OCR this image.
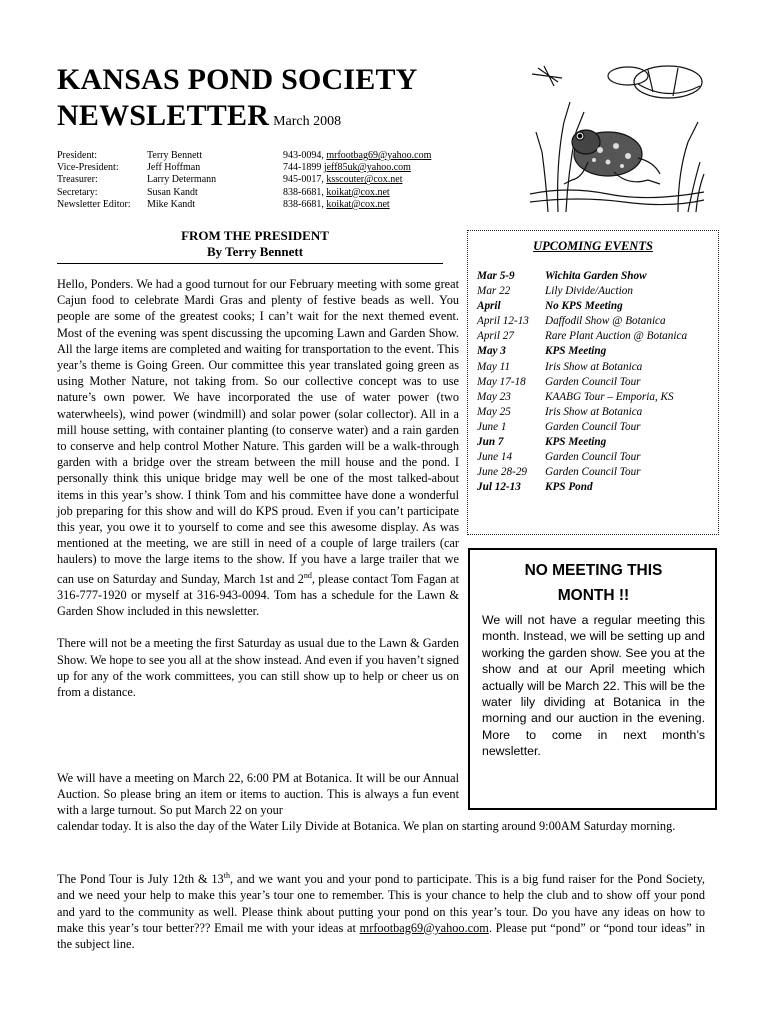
KANSAS POND SOCIETY
NEWSLETTER March 2008
President:	Terry Bennett	943-0094, mrfootbag69@yahoo.com
Vice-President:	Jeff Hoffman	744-1899 jeff85uk@yahoo.com
Treasurer:	Larry Determann	945-0017, ksscouter@cox.net
Secretary:	Susan Kandt	838-6681, koikat@cox.net
Newsletter Editor: Mike Kandt	838-6681, koikat@cox.net
FROM THE PRESIDENT
By Terry Bennett

Hello, Ponders. We had a good turnout for our February meeting with some great Cajun food to celebrate Mardi Gras and plenty of festive beads as well. You people are some of the greatest cooks; I can’t wait for the next themed event. Most of the evening was spent discussing the upcoming Lawn and Garden Show. All the large items are completed and waiting for transportation to the event. This year’s theme is Going Green. Our committee this year translated going green as using Mother Nature, not taking from. So our collective concept was to use nature’s own power. We have incorporated the use of water power (two waterwheels), wind power (windmill) and solar power (solar collector). All in a mill house setting, with container planting (to conserve water) and a rain garden to conserve and help control Mother Nature. This garden will be a walk-through garden with a bridge over the stream between the mill house and the pond. I personally think this unique bridge may well be one of the most talked-about items in this year’s show. I think Tom and his committee have done a wonderful job preparing for this show and will do KPS proud. Even if you can’t participate this year, you owe it to yourself to come and see this awesome display. As was mentioned at the meeting, we are still in need of a couple of large trailers (car haulers) to move the large items to the show. If you have a large trailer that we can use on Saturday and Sunday, March 1st and 2nd, please contact Tom Fagan at 316-777-1920 or myself at 316-943-0094. Tom has a schedule for the Lawn & Garden Show included in this newsletter.

There will not be a meeting the first Saturday as usual due to the Lawn & Garden Show. We hope to see you all at the show instead. And even if you haven’t signed up for any of the work committees, you can still show up to help or cheer us on from a distance.

We will have a meeting on March 22, 6:00 PM at Botanica. It will be our Annual Auction. So please bring an item or items to auction. This is always a fun event with a large turnout. So put March 22 on your
calendar today. It is also the day of the Water Lily Divide at Botanica. We plan on starting around 9:00AM Saturday morning.
The Pond Tour is July 12th & 13th, and we want you and your pond to participate. This is a big fund raiser for the Pond Society, and we need your help to make this year’s tour one to remember. This is your chance to help the club and to show off your pond and yard to the community as well. Please think about putting your pond on this year’s tour. Do you have any ideas on how to make this year’s tour better??? Email me with your ideas at mrfootbag69@yahoo.com. Please put “pond” or “pond tour ideas” in the subject line.
UPCOMING EVENTS
Mar 5-9	Wichita Garden Show
Mar 22	Lily Divide/Auction
April	No KPS Meeting
April 12-13	Daffodil Show @ Botanica
April 27	Rare Plant Auction @ Botanica
May 3	KPS Meeting
May 11	Iris Show at Botanica
May 17-18	Garden Council Tour
May 23	KAABG Tour – Emporia, KS
May 25	Iris Show at Botanica
June 1	Garden Council Tour
Jun 7	KPS Meeting
June 14	Garden Council Tour
June 28-29	Garden Council Tour
Jul 12-13	KPS Pond
NO MEETING THIS
MONTH !!
We will not have a regular meeting this month. Instead, we will be setting up and working the garden show. See you at the show and at our April meeting which actually will be March 22. This will be the water lily dividing at Botanica in the morning and our auction in the evening. More to come in next month’s newsletter.
